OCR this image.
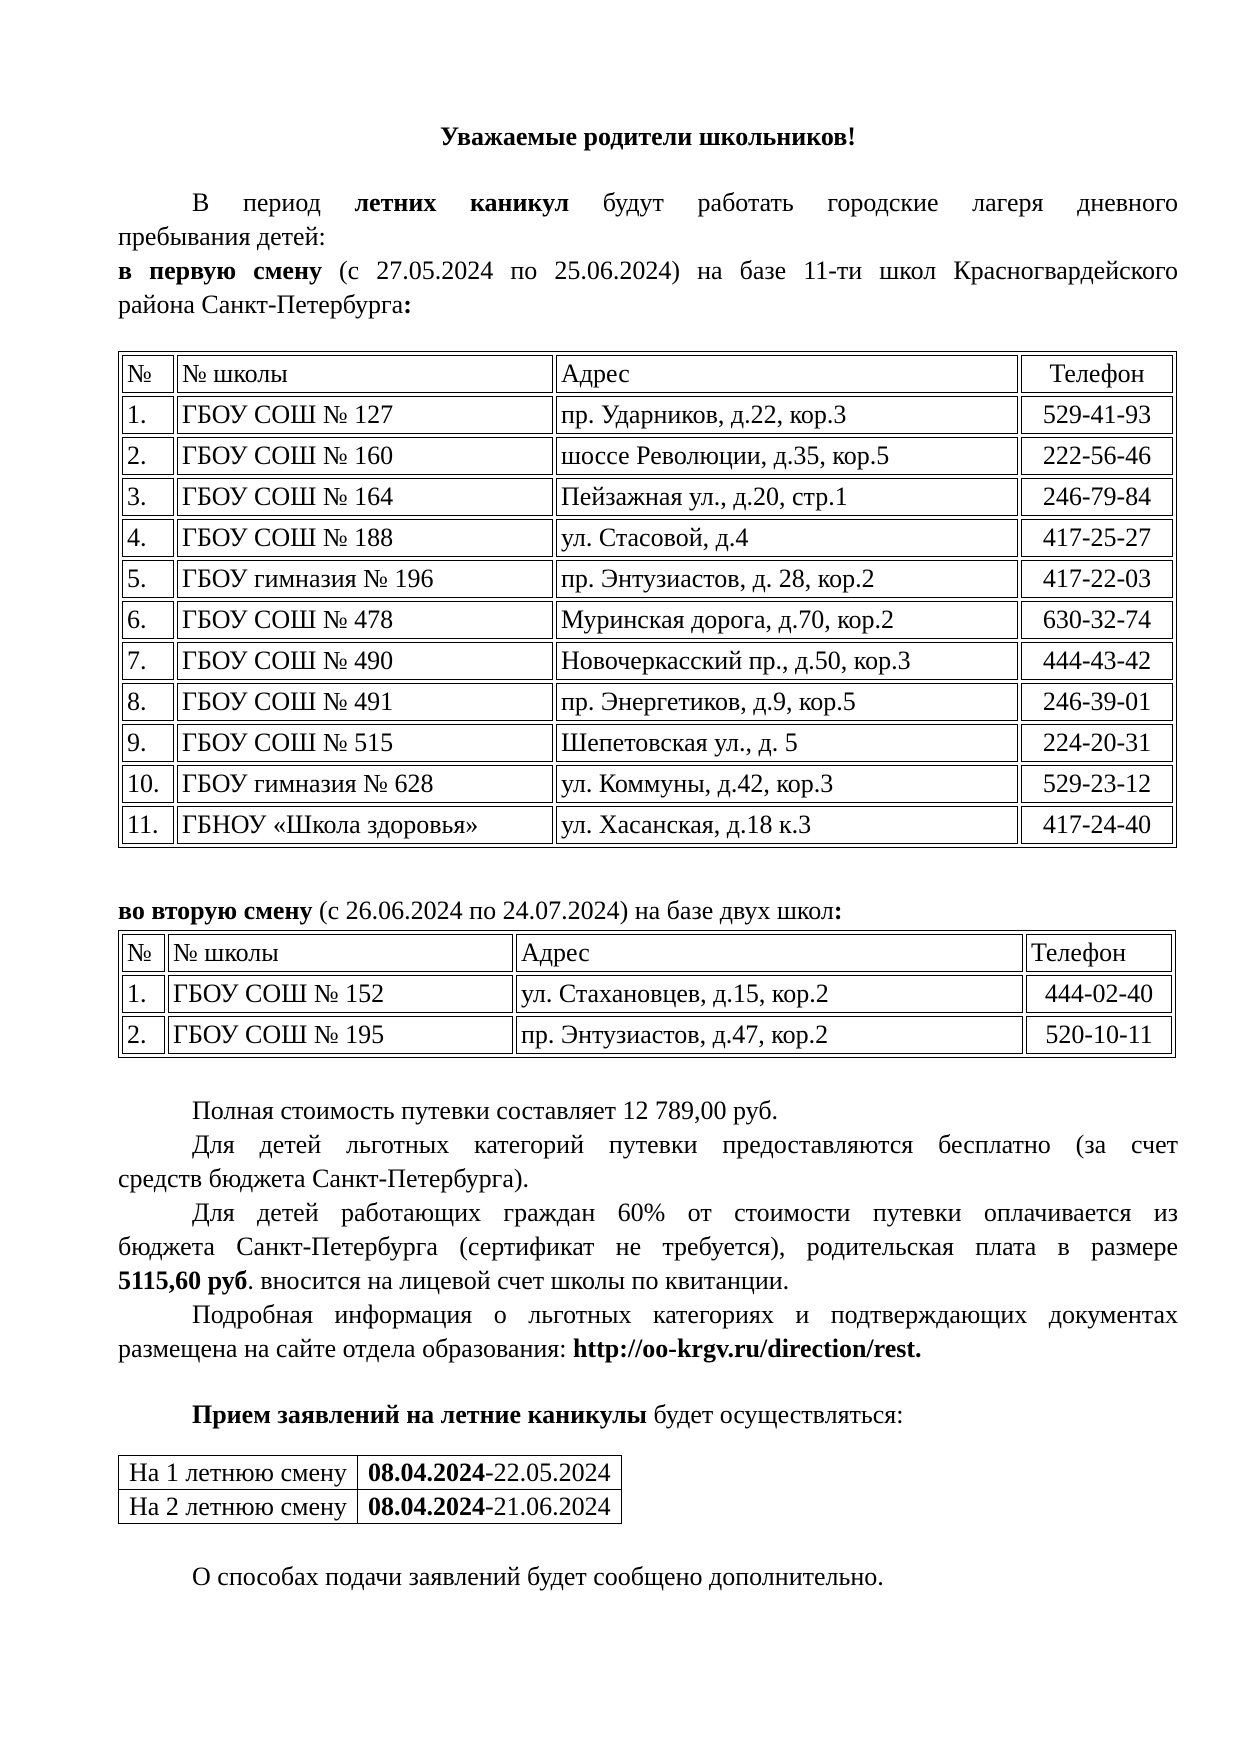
Уважаемые родители школьников!
В период летних каникул будут работать городские лагеря дневного
пребывания детей:
в первую смену (с 27.05.2024 по 25.06.2024) на базе 11-ти школ Красногвардейского
района Санкт-Петербурга:
№	№ школы	Адрес	Телефон
1.	ГБОУ СОШ № 127	пр. Ударников, д.22, кор.3	529-41-93
2.	ГБОУ СОШ № 160	шоссе Революции, д.35, кор.5	222-56-46
3.	ГБОУ СОШ № 164	Пейзажная ул., д.20, стр.1	246-79-84
4.	ГБОУ СОШ № 188	ул. Стасовой, д.4	417-25-27
5.	ГБОУ гимназия № 196	пр. Энтузиастов, д. 28, кор.2	417-22-03
6.	ГБОУ СОШ № 478	Муринская дорога, д.70, кор.2	630-32-74
7.	ГБОУ СОШ № 490	Новочеркасский пр., д.50, кор.3	444-43-42
8.	ГБОУ СОШ № 491	пр. Энергетиков, д.9, кор.5	246-39-01
9.	ГБОУ СОШ № 515	Шепетовская ул., д. 5	224-20-31
10.	ГБОУ гимназия № 628	ул. Коммуны, д.42, кор.3	529-23-12
11.	ГБНОУ «Школа здоровья»	ул. Хасанская, д.18 к.3	417-24-40
во вторую смену (с 26.06.2024 по 24.07.2024) на базе двух школ:
№	№ школы	Адрес	Телефон
1.	ГБОУ СОШ № 152	ул. Стахановцев, д.15, кор.2	444-02-40
2.	ГБОУ СОШ № 195	пр. Энтузиастов, д.47, кор.2	520-10-11
Полная стоимость путевки составляет 12 789,00 руб.
Для детей льготных категорий путевки предоставляются бесплатно (за счет
средств бюджета Санкт-Петербурга).
Для детей работающих граждан 60% от стоимости путевки оплачивается из
бюджета Санкт-Петербурга (сертификат не требуется), родительская плата в размере
5115,60 руб. вносится на лицевой счет школы по квитанции.
Подробная информация о льготных категориях и подтверждающих документах
размещена на сайте отдела образования: http://oo-krgv.ru/direction/rest.
Прием заявлений на летние каникулы будет осуществляться:
На 1 летнюю смену	08.04.2024-22.05.2024
На 2 летнюю смену	08.04.2024-21.06.2024
О способах подачи заявлений будет сообщено дополнительно.
